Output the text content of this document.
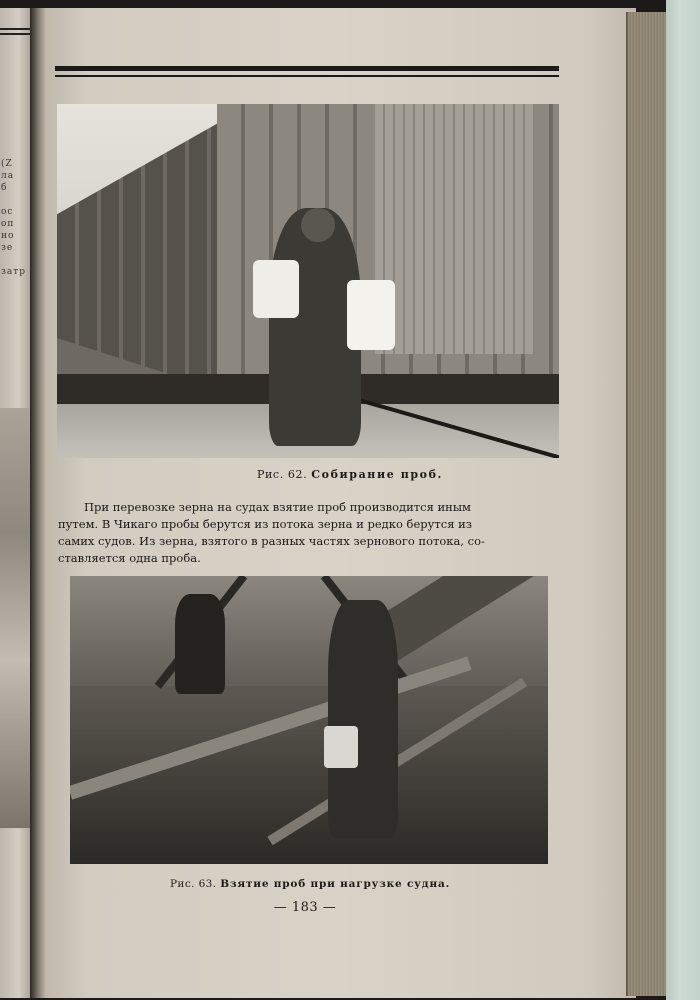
(Z
ла
б

ос
оп
но
зе

затр
Рис. 62. Собирание проб.
При перевозке зерна на судах взятие проб производится иным
путем. В Чикаго пробы берутся из потока зерна и редко берутся из
самих судов. Из зерна, взятого в разных частях зернового потока, со-
ставляется одна проба.
Рис. 63. Взятие проб при нагрузке судна.
— 183 —
